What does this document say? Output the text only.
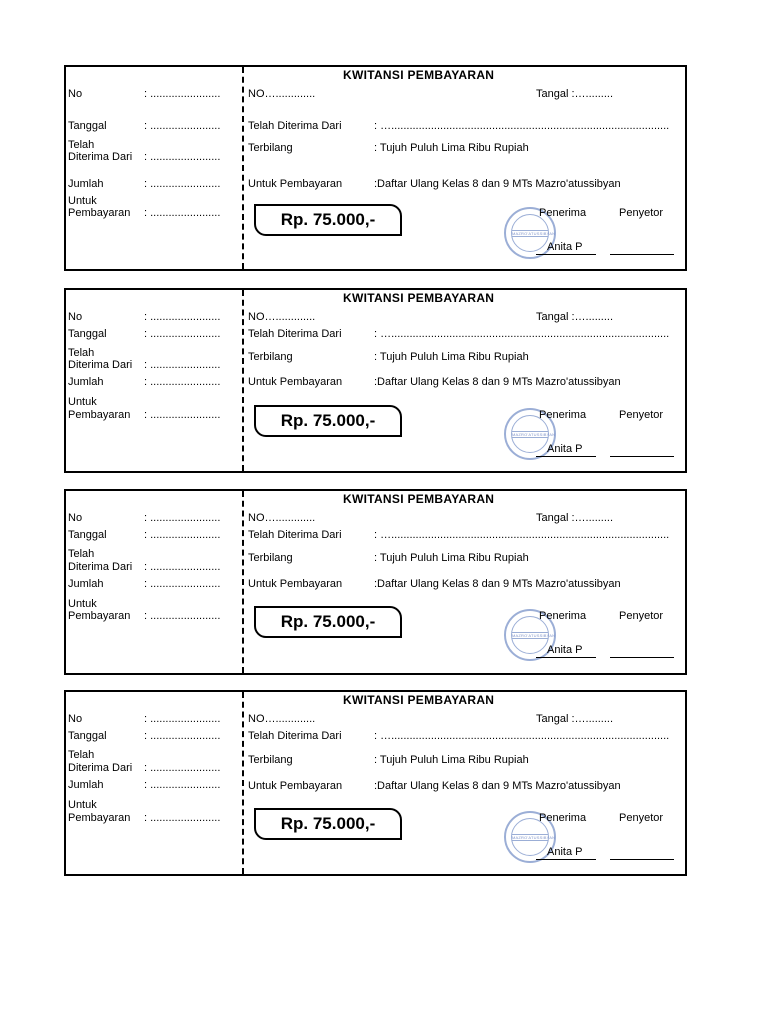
KWITANSI PEMBAYARAN
No	: .......................
Tanggal	: .......................
Telah
Diterima Dari : .......................
Jumlah	: .......................
Untuk
Pembayaran : .......................
NO….............	Tangal :….........
Telah Diterima Dari	: …...........................................................................................
Terbilang	: Tujuh Puluh Lima Ribu Rupiah
Untuk Pembayaran	:Daftar Ulang Kelas 8 dan 9 MTs Mazro'atussibyan
Rp. 75.000,-
MAZRO'ATUSSIBYAN
Penerima	Penyetor
Anita P
KWITANSI PEMBAYARAN
No	: .......................
Tanggal	: .......................
Telah
Diterima Dari : .......................
Jumlah	: .......................
Untuk
Pembayaran : .......................
NO….............	Tangal :….........
Telah Diterima Dari	: …...........................................................................................
Terbilang	: Tujuh Puluh Lima Ribu Rupiah
Untuk Pembayaran	:Daftar Ulang Kelas 8 dan 9 MTs Mazro'atussibyan
Rp. 75.000,-
MAZRO'ATUSSIBYAN
Penerima	Penyetor
Anita P
KWITANSI PEMBAYARAN
No	: .......................
Tanggal	: .......................
Telah
Diterima Dari : .......................
Jumlah	: .......................
Untuk
Pembayaran : .......................
NO….............	Tangal :….........
Telah Diterima Dari	: …...........................................................................................
Terbilang	: Tujuh Puluh Lima Ribu Rupiah
Untuk Pembayaran	:Daftar Ulang Kelas 8 dan 9 MTs Mazro'atussibyan
Rp. 75.000,-
MAZRO'ATUSSIBYAN
Penerima	Penyetor
Anita P
KWITANSI PEMBAYARAN
No	: .......................
Tanggal	: .......................
Telah
Diterima Dari : .......................
Jumlah	: .......................
Untuk
Pembayaran : .......................
NO….............	Tangal :….........
Telah Diterima Dari	: …...........................................................................................
Terbilang	: Tujuh Puluh Lima Ribu Rupiah
Untuk Pembayaran	:Daftar Ulang Kelas 8 dan 9 MTs Mazro'atussibyan
Rp. 75.000,-
MAZRO'ATUSSIBYAN
Penerima	Penyetor
Anita P
